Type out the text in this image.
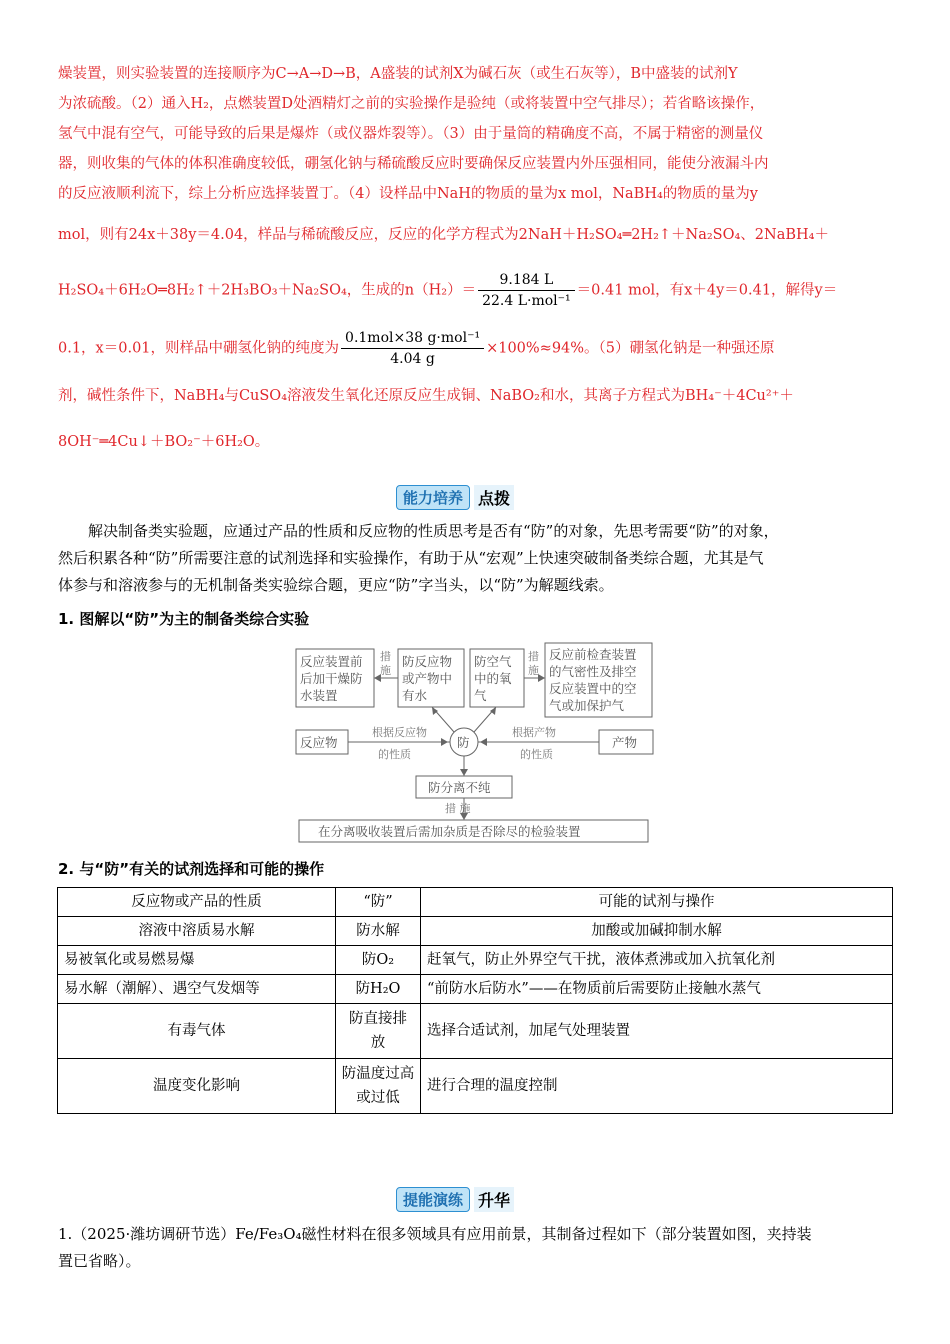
燥装置，则实验装置的连接顺序为C→A→D→B，A盛装的试剂X为碱石灰（或生石灰等），B中盛装的试剂Y
为浓硫酸。（2）通入H₂，点燃装置D处酒精灯之前的实验操作是验纯（或将装置中空气排尽）；若省略该操作，
氢气中混有空气，可能导致的后果是爆炸（或仪器炸裂等）。（3）由于量筒的精确度不高，不属于精密的测量仪
器，则收集的气体的体积准确度较低，硼氢化钠与稀硫酸反应时要确保反应装置内外压强相同，能使分液漏斗内
的反应液顺利流下，综上分析应选择装置丁。（4）设样品中NaH的物质的量为x mol，NaBH₄的物质的量为y
mol，则有24x＋38y＝4.04，样品与稀硫酸反应，反应的化学方程式为2NaH＋H₂SO₄═2H₂↑＋Na₂SO₄、2NaBH₄＋
H₂SO₄＋6H₂O═8H₂↑＋2H₃BO₃＋Na₂SO₄，生成的$n(H_2)= \frac{9.184 L}{\text{22.4 L·mol⁻¹}} =0.41$ mol，有x＋4y＝0.41，解得y＝
0.1，x＝0.01，则样品中硼氢化钠的纯度为 $\frac{\text{0.1mol×38 g·mol⁻¹}}{4.04 g} \times 100\%\approx 94\%$。（5）硼氢化钠是一种强还原
剂，碱性条件下，NaBH₄与CuSO₄溶液发生氧化还原反应生成铜、NaBO₂和水，其离子方程式为BH₄⁻＋4Cu²⁺＋
8OH⁻═4Cu↓＋BO₂⁻＋6H₂O。
能力培养 点拨
解决制备类实验题，应通过产品的性质和反应物的性质思考是否有“防”的对象，先思考需要“防”的对象，
然后积累各种“防”所需要注意的试剂选择和实验操作，有助于从“宏观”上快速突破制备类综合题，尤其是气
体参与和溶液参与的无机制备类实验综合题，更应“防”字当头，以“防”为解题线索。
1. 图解以“防”为主的制备类综合实验
反应装置前
后加干燥防
水装置
防反应物
或产物中
有水
防空气
中的氧
气
反应前检查装置
的气密性及排空
反应装置中的空
气或加保护气
反应物	产物
防
防分离不纯
在分离吸收装置后需加杂质是否除尽的检验装置
措
施
措
施
根据反应物
的性质
根据产物
的性质
措 施
2. 与“防”有关的试剂选择和可能的操作
反应物或产品的性质	“防”	可能的试剂与操作
溶液中溶质易水解	防水解	加酸或加碱抑制水解
易被氧化或易燃易爆	防O₂	赶氧气，防止外界空气干扰，液体煮沸或加入抗氧化剂
易水解（潮解）、遇空气发烟等	防H₂O	“前防水后防水”——在物质前后需要防止接触水蒸气
有毒气体	防直接排放	选择合适试剂，加尾气处理装置
温度变化影响	防温度过高或过低	进行合理的温度控制
提能演练 升华
1.（2025·潍坊调研节选）Fe/Fe₃O₄磁性材料在很多领域具有应用前景，其制备过程如下（部分装置如图，夹持装
置已省略）。
